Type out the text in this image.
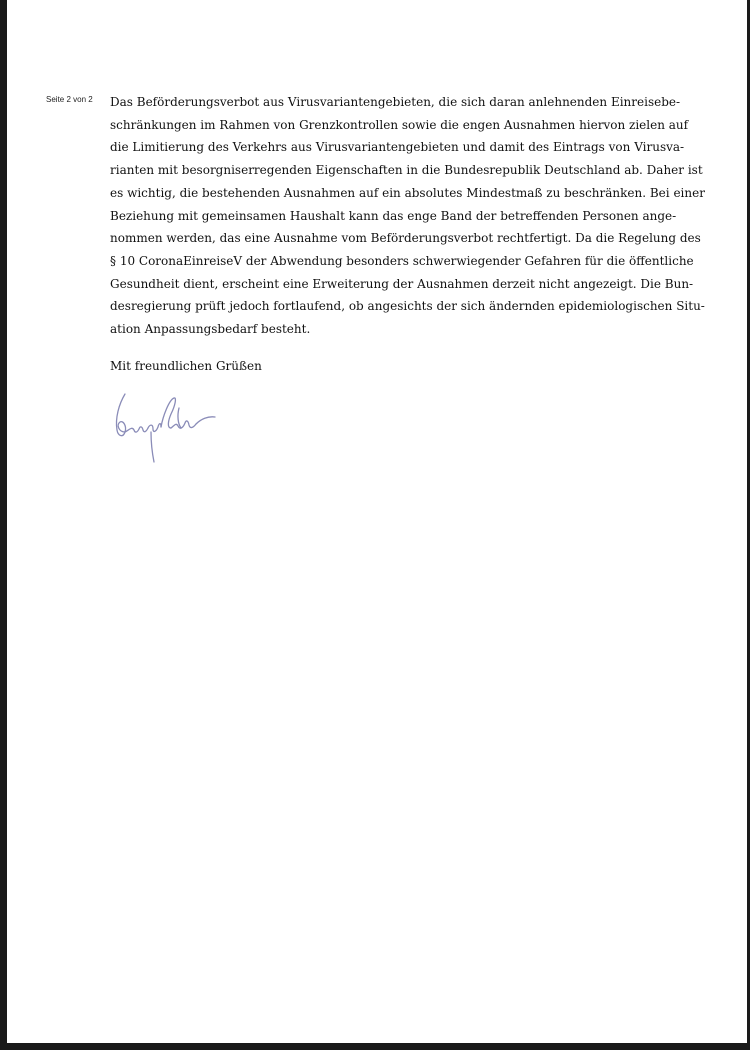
Seite 2 von 2 Das Beförderungsverbot aus Virusvariantengebieten, die sich daran anlehnenden Einreisebe-
schränkungen im Rahmen von Grenzkontrollen sowie die engen Ausnahmen hiervon zielen auf
die Limitierung des Verkehrs aus Virusvariantengebieten und damit des Eintrags von Virusva-
rianten mit besorgniserregenden Eigenschaften in die Bundesrepublik Deutschland ab. Daher ist
es wichtig, die bestehenden Ausnahmen auf ein absolutes Mindestmaß zu beschränken. Bei einer
Beziehung mit gemeinsamen Haushalt kann das enge Band der betreffenden Personen ange-
nommen werden, das eine Ausnahme vom Beförderungsverbot rechtfertigt. Da die Regelung des
§ 10 CoronaEinreiseV der Abwendung besonders schwerwiegender Gefahren für die öffentliche
Gesundheit dient, erscheint eine Erweiterung der Ausnahmen derzeit nicht angezeigt. Die Bun-
desregierung prüft jedoch fortlaufend, ob angesichts der sich ändernden epidemiologischen Situ-
ation Anpassungsbedarf besteht.
Mit freundlichen Grüßen
